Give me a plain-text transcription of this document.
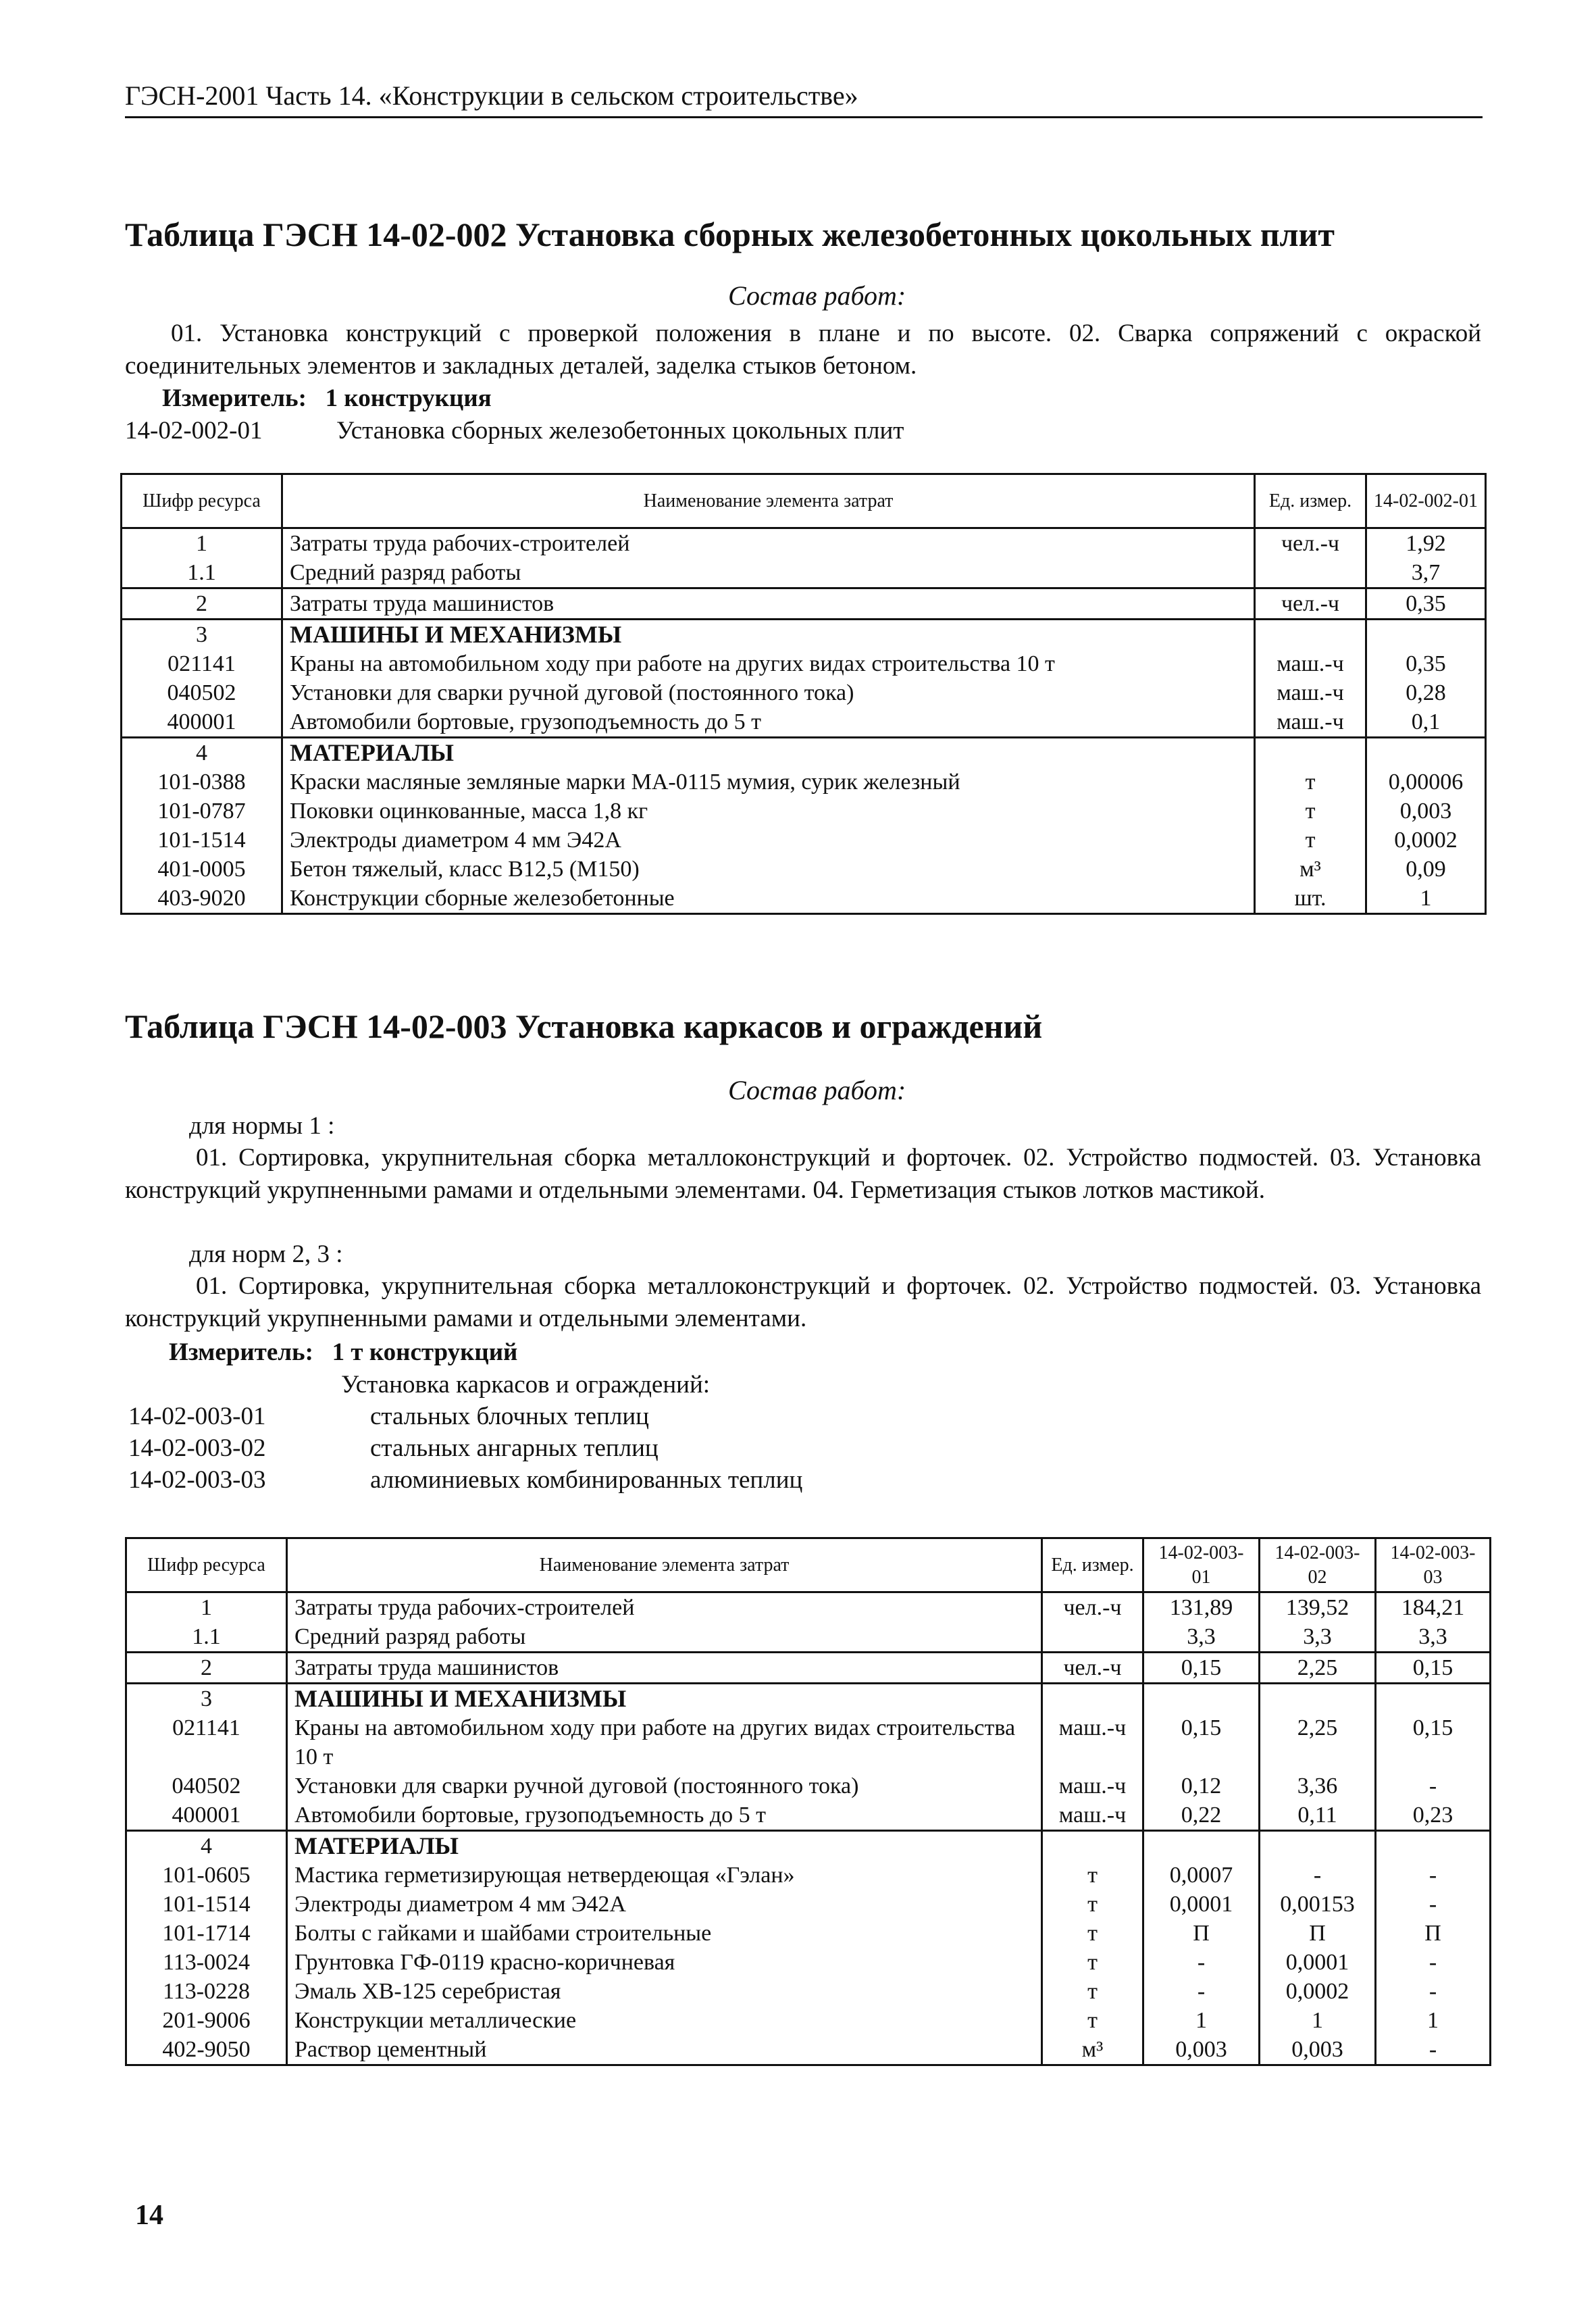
ГЭСН-2001 Часть 14. «Конструкции в сельском строительстве»
Таблица ГЭСН 14-02-002 Установка сборных железобетонных цокольных плит
Состав работ:
01. Установка конструкций с проверкой положения в плане и по высоте. 02. Сварка сопряжений с окраской соединительных элементов и закладных деталей, заделка стыков бетоном.
Измеритель: 1 конструкция
14-02-002-01	Установка сборных железобетонных цокольных плит
Шифр ресурса	Наименование элемента затрат	Ед. измер.	14-02-002-01
1	Затраты труда рабочих-строителей	чел.-ч	1,92
1.1	Средний разряд работы		3,7
2	Затраты труда машинистов	чел.-ч	0,35
3	МАШИНЫ И МЕХАНИЗМЫ		
021141	Краны на автомобильном ходу при работе на других видах строительства 10 т	маш.-ч	0,35
040502	Установки для сварки ручной дуговой (постоянного тока)	маш.-ч	0,28
400001	Автомобили бортовые, грузоподъемность до 5 т	маш.-ч	0,1
4	МАТЕРИАЛЫ		
101-0388	Краски масляные земляные марки МА-0115 мумия, сурик железный	т	0,00006
101-0787	Поковки оцинкованные, масса 1,8 кг	т	0,003
101-1514	Электроды диаметром 4 мм Э42А	т	0,0002
401-0005	Бетон тяжелый, класс В12,5 (М150)	м³	0,09
403-9020	Конструкции сборные железобетонные	шт.	1
Таблица ГЭСН 14-02-003 Установка каркасов и ограждений
Состав работ:
для нормы 1 :
01. Сортировка, укрупнительная сборка металлоконструкций и форточек. 02. Устройство подмостей. 03. Установка конструкций укрупненными рамами и отдельными элементами. 04. Герметизация стыков лотков мастикой.
для норм 2, 3 :
01. Сортировка, укрупнительная сборка металлоконструкций и форточек. 02. Устройство подмостей. 03. Установка конструкций укрупненными рамами и отдельными элементами.
Измеритель: 1 т конструкций
Установка каркасов и ограждений:
14-02-003-01	стальных блочных теплиц
14-02-003-02	стальных ангарных теплиц
14-02-003-03	алюминиевых комбинированных теплиц
Шифр ресурса	Наименование элемента затрат	Ед. измер.	14-02-003-01	14-02-003-02	14-02-003-03
1	Затраты труда рабочих-строителей	чел.-ч	131,89	139,52	184,21
1.1	Средний разряд работы		3,3	3,3	3,3
2	Затраты труда машинистов	чел.-ч	0,15	2,25	0,15
3	МАШИНЫ И МЕХАНИЗМЫ				
021141	Краны на автомобильном ходу при работе на других видах строительства 10 т	маш.-ч	0,15	2,25	0,15
040502	Установки для сварки ручной дуговой (постоянного тока)	маш.-ч	0,12	3,36	-
400001	Автомобили бортовые, грузоподъемность до 5 т	маш.-ч	0,22	0,11	0,23
4	МАТЕРИАЛЫ				
101-0605	Мастика герметизирующая нетвердеющая «Гэлан»	т	0,0007	-	-
101-1514	Электроды диаметром 4 мм Э42А	т	0,0001	0,00153	-
101-1714	Болты с гайками и шайбами строительные	т	П	П	П
113-0024	Грунтовка ГФ-0119 красно-коричневая	т	-	0,0001	-
113-0228	Эмаль ХВ-125 серебристая	т	-	0,0002	-
201-9006	Конструкции металлические	т	1	1	1
402-9050	Раствор цементный	м³	0,003	0,003	-
14
